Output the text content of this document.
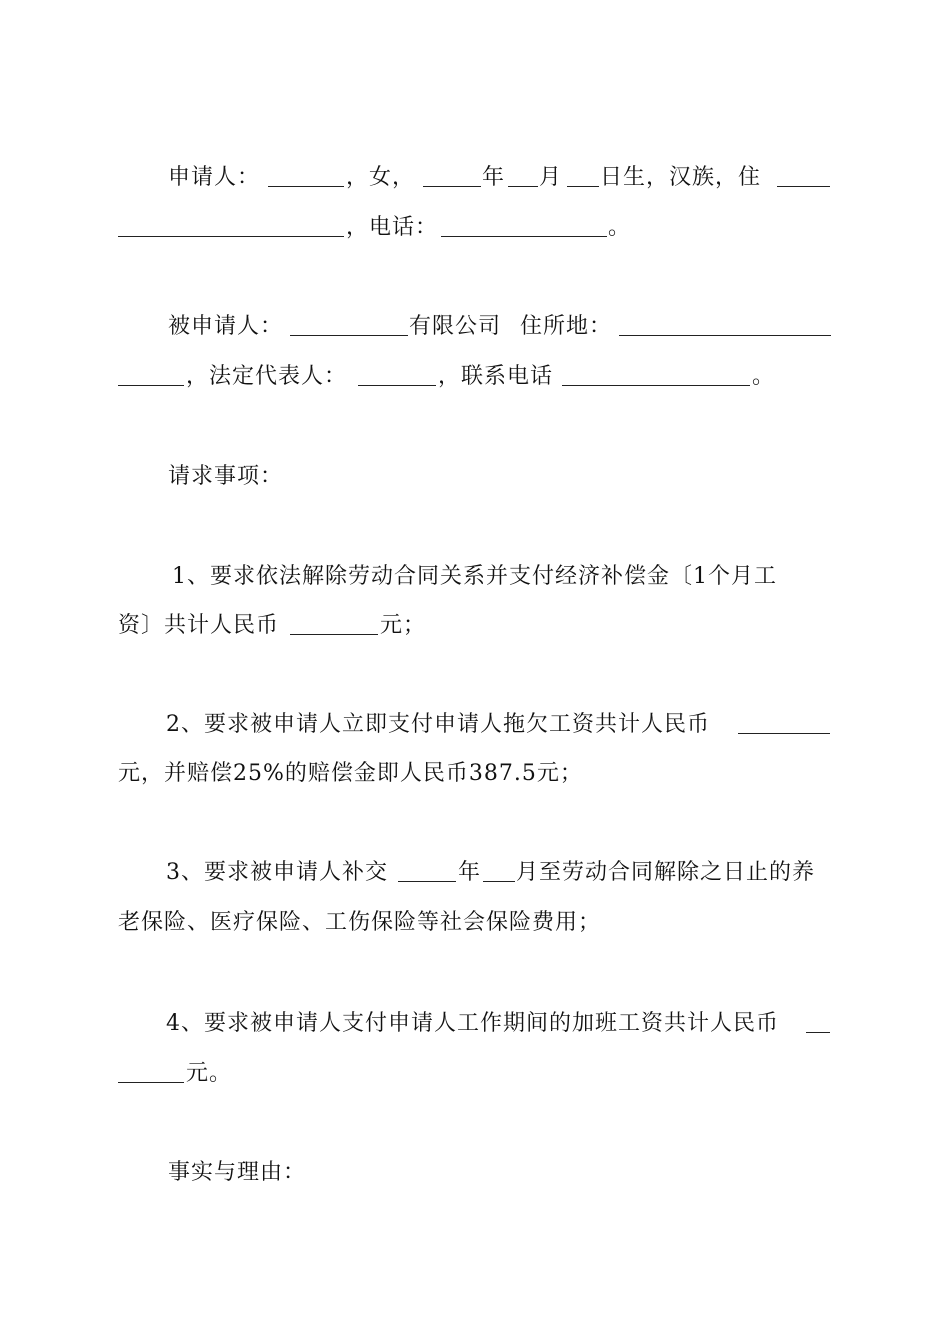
申请人：	，女，	年 月 日生，汉族，住
，电话：	。
被申请人：	有限公司 住所地：
，法定代表人：	，联系电话	。
请求事项：
1、要求依法解除劳动合同关系并支付经济补偿金〔1个月工
资〕共计人民币	元；
2、要求被申请人立即支付申请人拖欠工资共计人民币
元，并赔偿25%的赔偿金即人民币387.5元；
3、要求被申请人补交	年 月至劳动合同解除之日止的养
老保险、医疗保险、工伤保险等社会保险费用；
4、要求被申请人支付申请人工作期间的加班工资共计人民币
元。
事实与理由：
